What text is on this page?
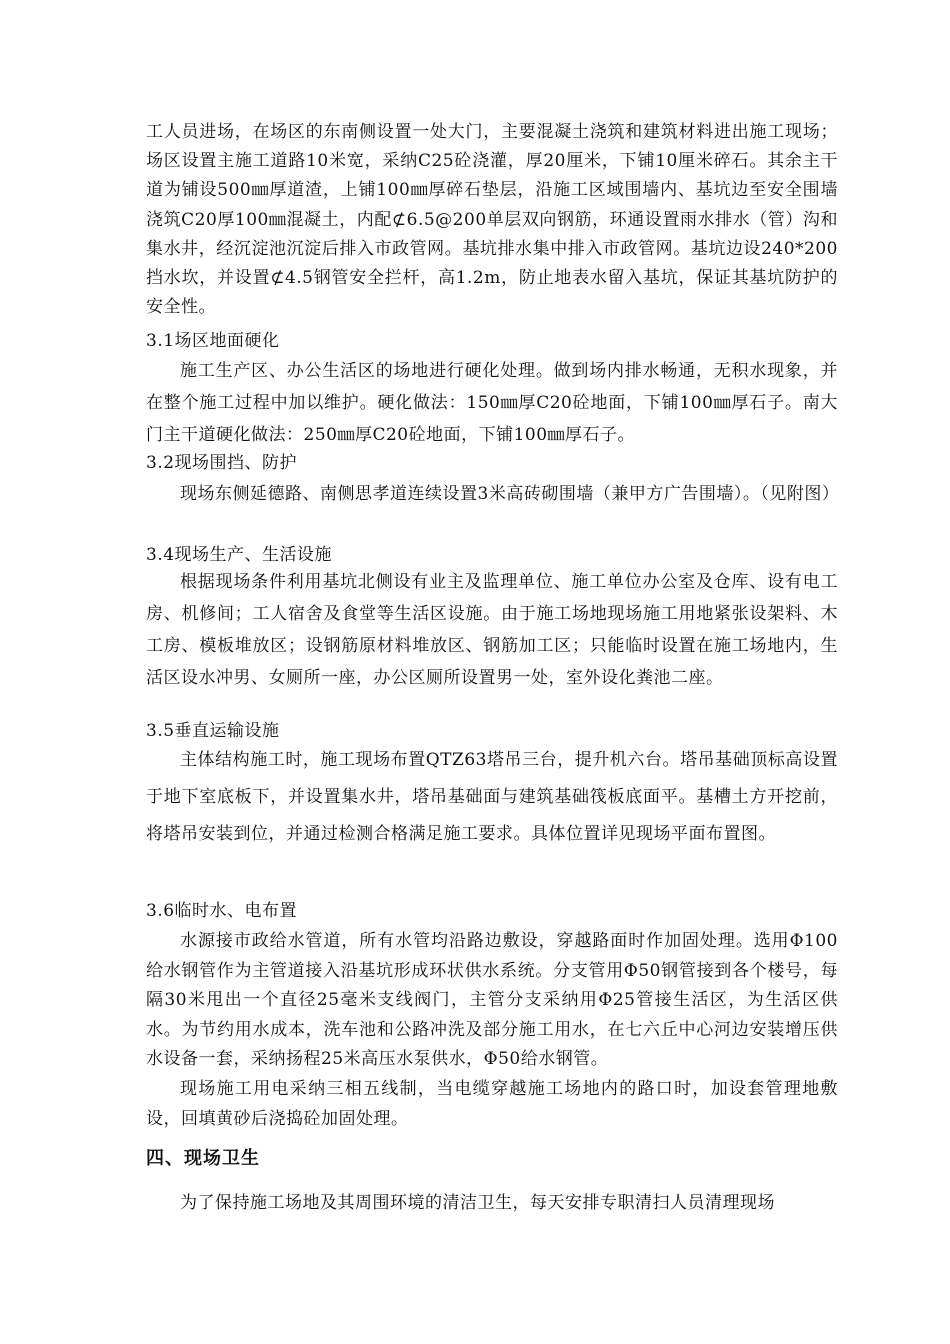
工人员进场，在场区的东南侧设置一处大门，主要混凝土浇筑和建筑材料进出施工现场；场区设置主施工道路10米宽，采纳C25砼浇灌，厚20厘米，下铺10厘米碎石。其余主干道为铺设500㎜厚道渣，上铺100㎜厚碎石垫层，沿施工区域围墙内、基坑边至安全围墙浇筑C20厚100㎜混凝土，内配⊄6.5@200单层双向钢筋，环通设置雨水排水（管）沟和集水井，经沉淀池沉淀后排入市政管网。基坑排水集中排入市政管网。基坑边设240*200挡水坎，并设置⊄4.5钢管安全拦杆，高1.2m，防止地表水留入基坑，保证其基坑防护的安全性。

3.1场区地面硬化

施工生产区、办公生活区的场地进行硬化处理。做到场内排水畅通，无积水现象，并在整个施工过程中加以维护。硬化做法：150㎜厚C20砼地面，下铺100㎜厚石子。南大门主干道硬化做法：250㎜厚C20砼地面，下铺100㎜厚石子。

3.2现场围挡、防护

现场东侧延德路、南侧思孝道连续设置3米高砖砌围墙（兼甲方广告围墙）。（见附图）

3.4现场生产、生活设施

根据现场条件利用基坑北侧设有业主及监理单位、施工单位办公室及仓库、设有电工房、机修间；工人宿舍及食堂等生活区设施。由于施工场地现场施工用地紧张设架料、木工房、模板堆放区；设钢筋原材料堆放区、钢筋加工区；只能临时设置在施工场地内，生活区设水冲男、女厕所一座，办公区厕所设置男一处，室外设化粪池二座。

3.5垂直运输设施

主体结构施工时，施工现场布置QTZ63塔吊三台，提升机六台。塔吊基础顶标高设置于地下室底板下，并设置集水井，塔吊基础面与建筑基础筏板底面平。基槽土方开挖前，将塔吊安装到位，并通过检测合格满足施工要求。具体位置详见现场平面布置图。

3.6临时水、电布置

水源接市政给水管道，所有水管均沿路边敷设，穿越路面时作加固处理。选用Φ100给水钢管作为主管道接入沿基坑形成环状供水系统。分支管用Φ50钢管接到各个楼号，每隔30米甩出一个直径25毫米支线阀门，主管分支采纳用Φ25管接生活区，为生活区供水。为节约用水成本，洗车池和公路冲洗及部分施工用水，在七六丘中心河边安装增压供水设备一套，采纳扬程25米高压水泵供水，Φ50给水钢管。

现场施工用电采纳三相五线制，当电缆穿越施工场地内的路口时，加设套管理地敷设，回填黄砂后浇捣砼加固处理。

四、现场卫生

为了保持施工场地及其周围环境的清洁卫生，每天安排专职清扫人员清理现场
